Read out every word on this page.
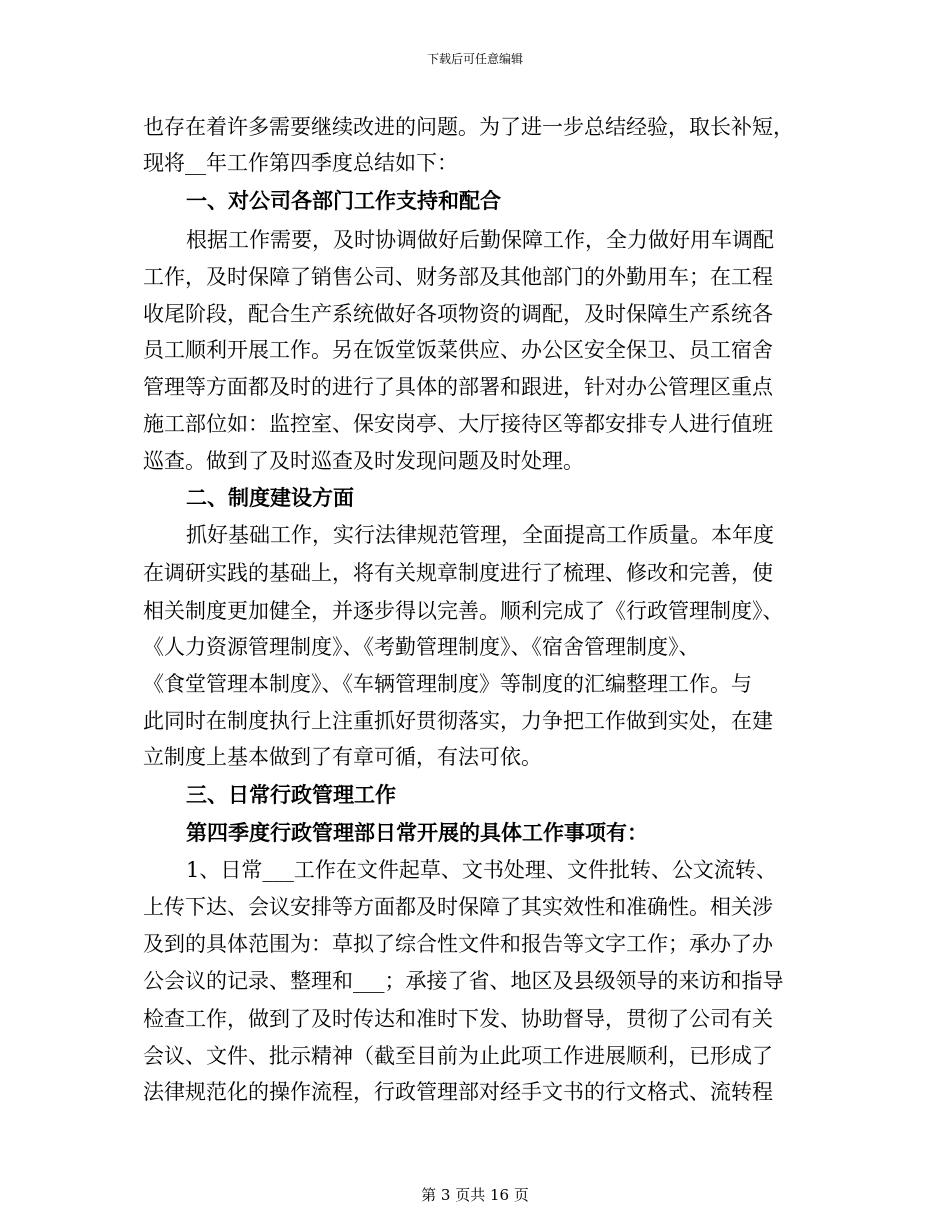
下载后可任意编辑
也存在着许多需要继续改进的问题。为了进一步总结经验，取长补短，
现将__年工作第四季度总结如下：
一、对公司各部门工作支持和配合
根据工作需要，及时协调做好后勤保障工作，全力做好用车调配
工作，及时保障了销售公司、财务部及其他部门的外勤用车；在工程
收尾阶段，配合生产系统做好各项物资的调配，及时保障生产系统各
员工顺利开展工作。另在饭堂饭菜供应、办公区安全保卫、员工宿舍
管理等方面都及时的进行了具体的部署和跟进，针对办公管理区重点
施工部位如：监控室、保安岗亭、大厅接待区等都安排专人进行值班
巡查。做到了及时巡查及时发现问题及时处理。
二、制度建设方面
抓好基础工作，实行法律规范管理，全面提高工作质量。本年度
在调研实践的基础上，将有关规章制度进行了梳理、修改和完善，使
相关制度更加健全，并逐步得以完善。顺利完成了《行政管理制度》、
《人力资源管理制度》、《考勤管理制度》、《宿舍管理制度》、
《食堂管理本制度》、《车辆管理制度》等制度的汇编整理工作。与
此同时在制度执行上注重抓好贯彻落实，力争把工作做到实处，在建
立制度上基本做到了有章可循，有法可依。
三、日常行政管理工作
第四季度行政管理部日常开展的具体工作事项有：
1、日常___工作在文件起草、文书处理、文件批转、公文流转、
上传下达、会议安排等方面都及时保障了其实效性和准确性。相关涉
及到的具体范围为：草拟了综合性文件和报告等文字工作；承办了办
公会议的记录、整理和___；承接了省、地区及县级领导的来访和指导
检查工作，做到了及时传达和准时下发、协助督导，贯彻了公司有关
会议、文件、批示精神（截至目前为止此项工作进展顺利，已形成了
法律规范化的操作流程，行政管理部对经手文书的行文格式、流转程
第 3 页共 16 页
